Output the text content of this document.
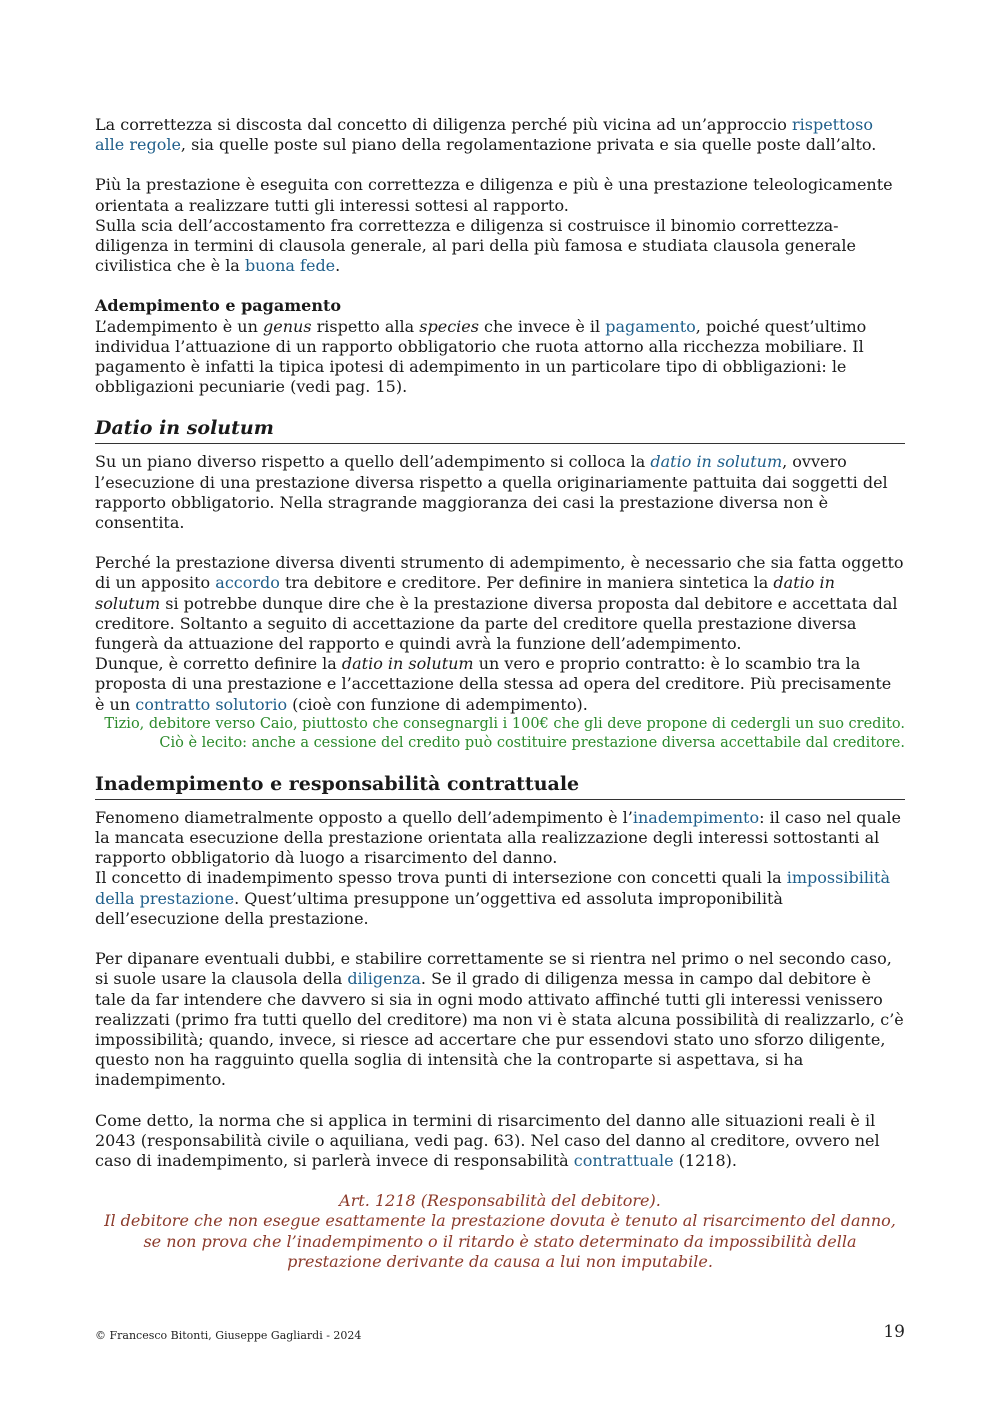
La correttezza si discosta dal concetto di diligenza perché più vicina ad un’approccio rispettoso alle regole, sia quelle poste sul piano della regolamentazione privata e sia quelle poste dall’alto.

Più la prestazione è eseguita con correttezza e diligenza e più è una prestazione teleologicamente orientata a realizzare tutti gli interessi sottesi al rapporto.

Sulla scia dell’accostamento fra correttezza e diligenza si costruisce il binomio correttezza-diligenza in termini di clausola generale, al pari della più famosa e studiata clausola generale civilistica che è la buona fede.

Adempimento e pagamento

L’adempimento è un genus rispetto alla species che invece è il pagamento, poiché quest’ultimo individua l’attuazione di un rapporto obbligatorio che ruota attorno alla ricchezza mobiliare. Il pagamento è infatti la tipica ipotesi di adempimento in un particolare tipo di obbligazioni: le obbligazioni pecuniarie (vedi pag. 15).

Datio in solutum

Su un piano diverso rispetto a quello dell’adempimento si colloca la datio in solutum, ovvero l’esecuzione di una prestazione diversa rispetto a quella originariamente pattuita dai soggetti del rapporto obbligatorio. Nella stragrande maggioranza dei casi la prestazione diversa non è consentita.

Perché la prestazione diversa diventi strumento di adempimento, è necessario che sia fatta oggetto di un apposito accordo tra debitore e creditore. Per definire in maniera sintetica la datio in solutum si potrebbe dunque dire che è la prestazione diversa proposta dal debitore e accettata dal creditore. Soltanto a seguito di accettazione da parte del creditore quella prestazione diversa fungerà da attuazione del rapporto e quindi avrà la funzione dell’adempimento.

Dunque, è corretto definire la datio in solutum un vero e proprio contratto: è lo scambio tra la proposta di una prestazione e l’accettazione della stessa ad opera del creditore. Più precisamente è un contratto solutorio (cioè con funzione di adempimento).

Tizio, debitore verso Caio, piuttosto che consegnargli i 100€ che gli deve propone di cedergli un suo credito.
Ciò è lecito: anche a cessione del credito può costituire prestazione diversa accettabile dal creditore.
Inadempimento e responsabilità contrattuale

Fenomeno diametralmente opposto a quello dell’adempimento è l’inadempimento: il caso nel quale la mancata esecuzione della prestazione orientata alla realizzazione degli interessi sottostanti al rapporto obbligatorio dà luogo a risarcimento del danno.

Il concetto di inadempimento spesso trova punti di intersezione con concetti quali la impossibilità della prestazione. Quest’ultima presuppone un’oggettiva ed assoluta improponibilità dell’esecuzione della prestazione.

Per dipanare eventuali dubbi, e stabilire correttamente se si rientra nel primo o nel secondo caso, si suole usare la clausola della diligenza. Se il grado di diligenza messa in campo dal debitore è tale da far intendere che davvero si sia in ogni modo attivato affinché tutti gli interessi venissero realizzati (primo fra tutti quello del creditore) ma non vi è stata alcuna possibilità di realizzarlo, c’è impossibilità; quando, invece, si riesce ad accertare che pur essendovi stato uno sforzo diligente, questo non ha ragguinto quella soglia di intensità che la controparte si aspettava, si ha inadempimento.

Come detto, la norma che si applica in termini di risarcimento del danno alle situazioni reali è il 2043 (responsabilità civile o aquiliana, vedi pag. 63). Nel caso del danno al creditore, ovvero nel caso di inadempimento, si parlerà invece di responsabilità contrattuale (1218).

Art. 1218 (Responsabilità del debitore).
Il debitore che non esegue esattamente la prestazione dovuta è tenuto al risarcimento del danno,
se non prova che l’inadempimento o il ritardo è stato determinato da impossibilità della
prestazione derivante da causa a lui non imputabile.
© Francesco Bitonti, Giuseppe Gagliardi - 2024	19
